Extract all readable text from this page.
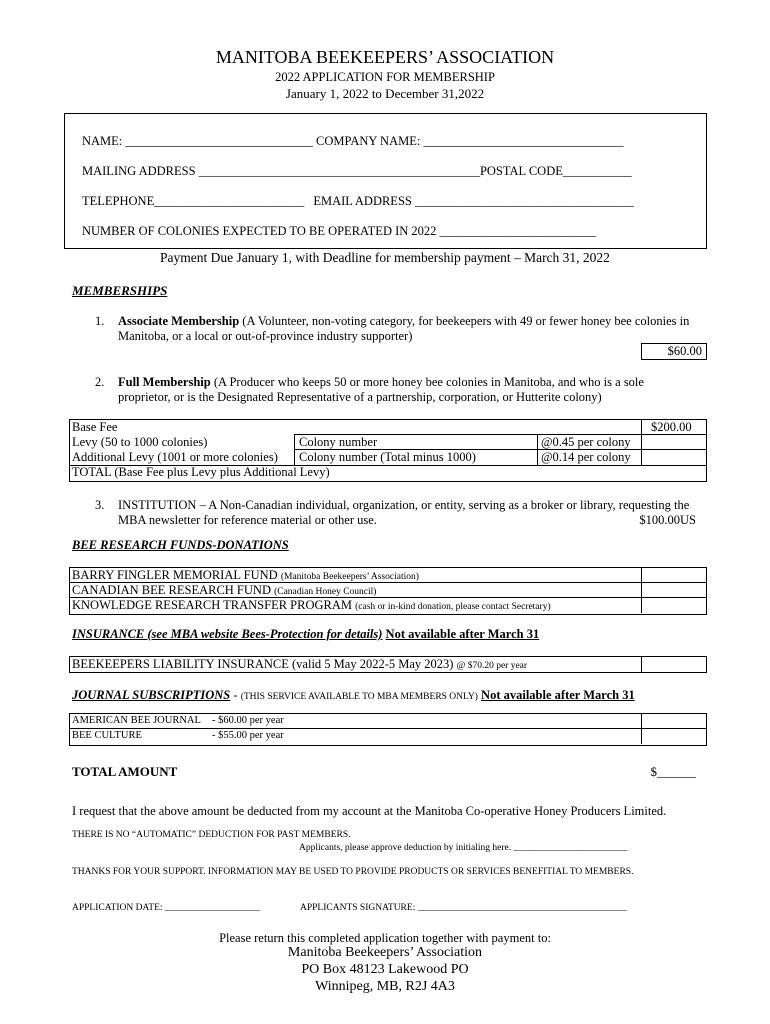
MANITOBA BEEKEEPERS’ ASSOCIATION
2022 APPLICATION FOR MEMBERSHIP
January 1, 2022 to December 31,2022
NAME: ______________________________ COMPANY NAME: ________________________________
MAILING ADDRESS _____________________________________________POSTAL CODE___________
TELEPHONE________________________ EMAIL ADDRESS ___________________________________
NUMBER OF COLONIES EXPECTED TO BE OPERATED IN 2022 _________________________
Payment Due January 1, with Deadline for membership payment – March 31, 2022
MEMBERSHIPS
1. Associate Membership (A Volunteer, non-voting category, for beekeepers with 49 or fewer honey bee colonies in
Manitoba, or a local or out-of-province industry supporter)
$60.00
2. Full Membership (A Producer who keeps 50 or more honey bee colonies in Manitoba, and who is a sole
proprietor, or is the Designated Representative of a partnership, corporation, or Hutterite colony)
Base Fee	$200.00
Levy (50 to 1000 colonies)	Colony number	@0.45 per colony
Additional Levy (1001 or more colonies) Colony number (Total minus 1000)	@0.14 per colony
TOTAL (Base Fee plus Levy plus Additional Levy)
3. INSTITUTION – A Non-Canadian individual, organization, or entity, serving as a broker or library, requesting the
MBA newsletter for reference material or other use.	$100.00US
BEE RESEARCH FUNDS-DONATIONS
BARRY FINGLER MEMORIAL FUND (Manitoba Beekeepers’ Association)
CANADIAN BEE RESEARCH FUND (Canadian Honey Council)
KNOWLEDGE RESEARCH TRANSFER PROGRAM (cash or in-kind donation, please contact Secretary)
INSURANCE (see MBA website Bees-Protection for details) Not available after March 31
BEEKEEPERS LIABILITY INSURANCE (valid 5 May 2022-5 May 2023) @ $70.20 per year
JOURNAL SUBSCRIPTIONS - (THIS SERVICE AVAILABLE TO MBA MEMBERS ONLY) Not available after March 31
AMERICAN BEE JOURNAL - $60.00 per year
BEE CULTURE	- $55.00 per year
TOTAL AMOUNT	$______
I request that the above amount be deducted from my account at the Manitoba Co-operative Honey Producers Limited.
THERE IS NO “AUTOMATIC” DEDUCTION FOR PAST MEMBERS.
Applicants, please approve deduction by initialing here. ________________________
THANKS FOR YOUR SUPPORT. INFORMATION MAY BE USED TO PROVIDE PRODUCTS OR SERVICES BENEFITIAL TO MEMBERS.
APPLICATION DATE: ____________________	APPLICANTS SIGNATURE: ____________________________________________
Please return this completed application together with payment to:
Manitoba Beekeepers’ Association
PO Box 48123 Lakewood PO
Winnipeg, MB, R2J 4A3
